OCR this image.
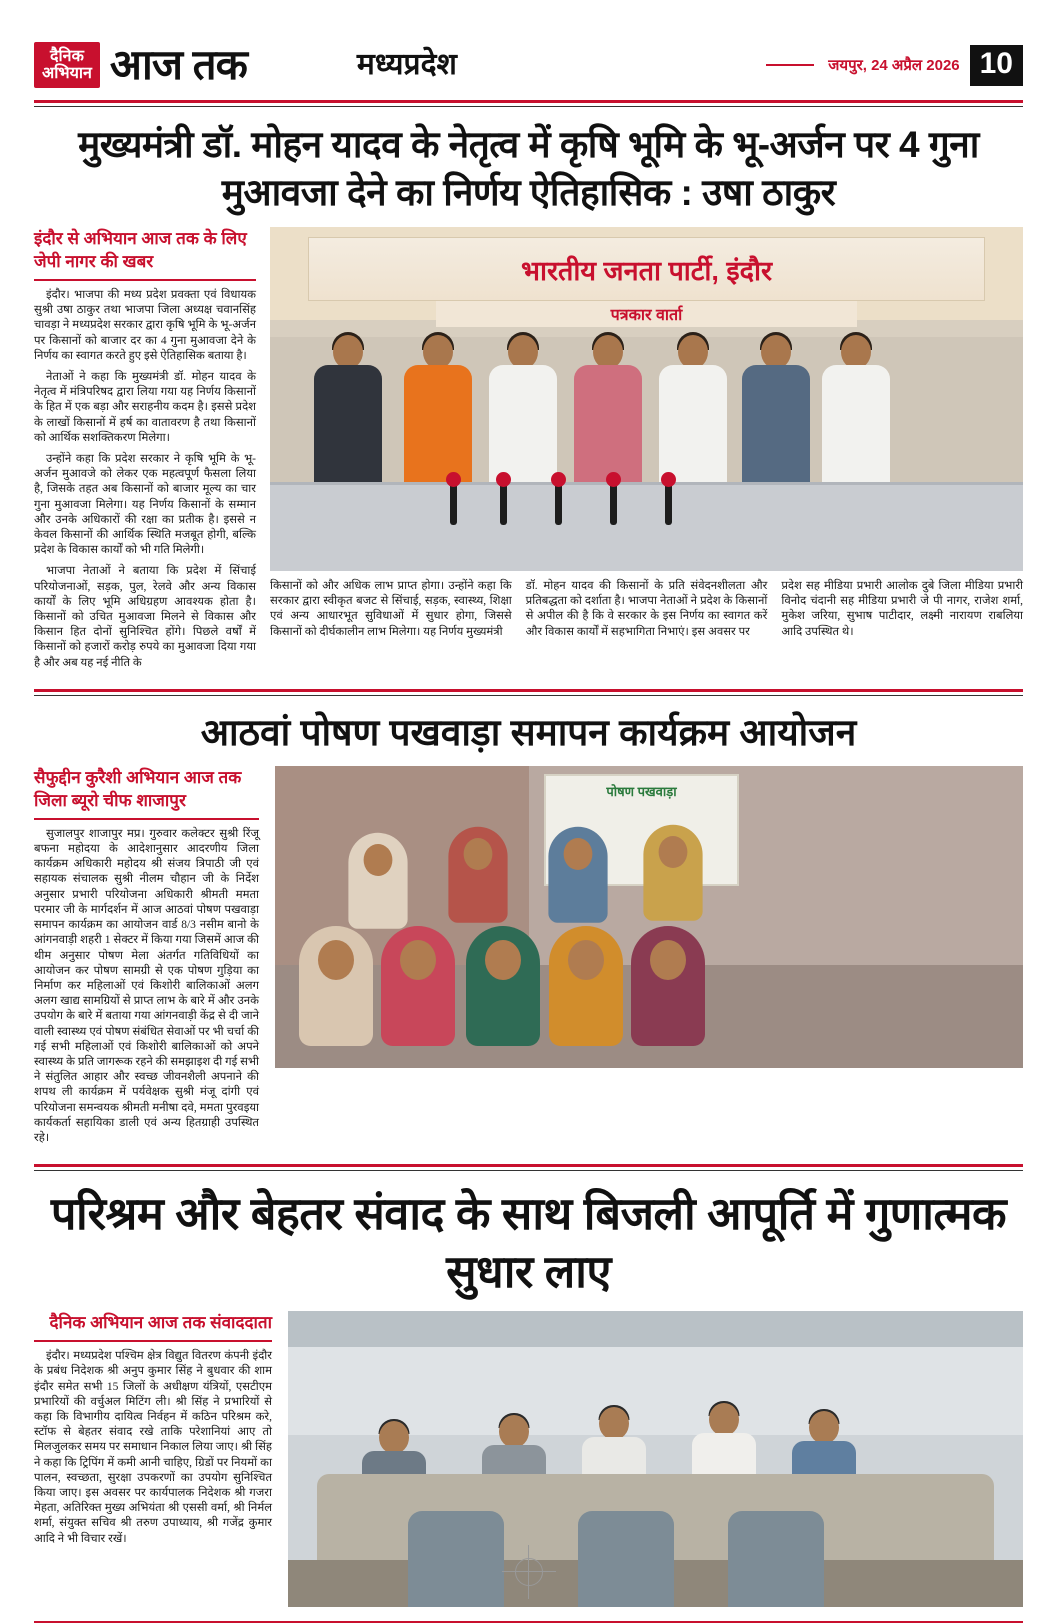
दैनिक
अभियान आज तक	मध्यप्रदेश	जयपुर, 24 अप्रैल 2026 10
मुख्यमंत्री डॉ. मोहन यादव के नेतृत्व में कृषि भूमि के भू-अर्जन पर 4 गुना मुआवजा देने का निर्णय ऐतिहासिक : उषा ठाकुर
इंदौर से अभियान आज तक के लिए जेपी नागर की खबर

इंदौर। भाजपा की मध्य प्रदेश प्रवक्ता एवं विधायक सुश्री उषा ठाकुर तथा भाजपा जिला अध्यक्ष चवानसिंह चावड़ा ने मध्यप्रदेश सरकार द्वारा कृषि भूमि के भू-अर्जन पर किसानों को बाजार दर का 4 गुना मुआवजा देने के निर्णय का स्वागत करते हुए इसे ऐतिहासिक बताया है।

नेताओं ने कहा कि मुख्यमंत्री डॉ. मोहन यादव के नेतृत्व में मंत्रिपरिषद द्वारा लिया गया यह निर्णय किसानों के हित में एक बड़ा और सराहनीय कदम है। इससे प्रदेश के लाखों किसानों में हर्ष का वातावरण है तथा किसानों को आर्थिक सशक्तिकरण मिलेगा।

उन्होंने कहा कि प्रदेश सरकार ने कृषि भूमि के भू-अर्जन मुआवजे को लेकर एक महत्वपूर्ण फैसला लिया है, जिसके तहत अब किसानों को बाजार मूल्य का चार गुना मुआवजा मिलेगा। यह निर्णय किसानों के सम्मान और उनके अधिकारों की रक्षा का प्रतीक है। इससे न केवल किसानों की आर्थिक स्थिति मजबूत होगी, बल्कि प्रदेश के विकास कार्यों को भी गति मिलेगी।

भाजपा नेताओं ने बताया कि प्रदेश में सिंचाई परियोजनाओं, सड़क, पुल, रेलवे और अन्य विकास कार्यों के लिए भूमि अधिग्रहण आवश्यक होता है। किसानों को उचित मुआवजा मिलने से विकास और किसान हित दोनों सुनिश्चित होंगे। पिछले वर्षों में किसानों को हजारों करोड़ रुपये का मुआवजा दिया गया है और अब यह नई नीति के

भारतीय जनता पार्टी, इंदौर
पत्रकार वार्ता
किसानों को और अधिक लाभ प्राप्त होगा। उन्होंने कहा कि सरकार द्वारा स्वीकृत बजट से सिंचाई, सड़क, स्वास्थ्य, शिक्षा एवं अन्य आधारभूत सुविधाओं में सुधार होगा, जिससे किसानों को दीर्घकालीन लाभ मिलेगा। यह निर्णय मुख्यमंत्री
डॉ. मोहन यादव की किसानों के प्रति संवेदनशीलता और प्रतिबद्धता को दर्शाता है। भाजपा नेताओं ने प्रदेश के किसानों से अपील की है कि वे सरकार के इस निर्णय का स्वागत करें और विकास कार्यों में सहभागिता निभाएं। इस अवसर पर
प्रदेश सह मीडिया प्रभारी आलोक दुबे जिला मीडिया प्रभारी विनोद चंदानी सह मीडिया प्रभारी जे पी नागर, राजेश शर्मा, मुकेश जरिया, सुभाष पाटीदार, लक्ष्मी नारायण राबलिया आदि उपस्थित थे।
आठवां पोषण पखवाड़ा समापन कार्यक्रम आयोजन
सैफुद्दीन कुरैशी अभियान आज तक जिला ब्यूरो चीफ शाजापुर

सुजालपुर शाजापुर मप्र। गुरुवार कलेक्टर सुश्री रिंजू बफना महोदया के आदेशानुसार आदरणीय जिला कार्यक्रम अधिकारी महोदय श्री संजय त्रिपाठी जी एवं सहायक संचालक सुश्री नीलम चौहान जी के निर्देश अनुसार प्रभारी परियोजना अधिकारी श्रीमती ममता परमार जी के मार्गदर्शन में आज आठवां पोषण पखवाड़ा समापन कार्यक्रम का आयोजन वार्ड 8/3 नसीम बानो के आंगनवाड़ी शहरी 1 सेक्टर में किया गया जिसमें आज की थीम अनुसार पोषण मेला अंतर्गत गतिविधियों का आयोजन कर पोषण सामग्री से एक पोषण गुड़िया का निर्माण कर महिलाओं एवं किशोरी बालिकाओं अलग अलग खाद्य सामग्रियों से प्राप्त लाभ के बारे में और उनके उपयोग के बारे में बताया गया आंगनवाड़ी केंद्र से दी जाने वाली स्वास्थ्य एवं पोषण संबंधित सेवाओं पर भी चर्चा की गई सभी महिलाओं एवं किशोरी बालिकाओं को अपने स्वास्थ्य के प्रति जागरूक रहने की समझाइश दी गई सभी ने संतुलित आहार और स्वच्छ जीवनशैली अपनाने की शपथ ली कार्यक्रम में पर्यवेक्षक सुश्री मंजू दांगी एवं परियोजना समन्वयक श्रीमती मनीषा दवे, ममता पुरवइया कार्यकर्ता सहायिका डाली एवं अन्य हितग्राही उपस्थित रहे।

पोषण पखवाड़ा
परिश्रम और बेहतर संवाद के साथ बिजली आपूर्ति में गुणात्मक सुधार लाए
दैनिक अभियान आज तक संवाददाता

इंदौर। मध्यप्रदेश पश्चिम क्षेत्र विद्युत वितरण कंपनी इंदौर के प्रबंध निदेशक श्री अनुप कुमार सिंह ने बुधवार की शाम इंदौर समेत सभी 15 जिलों के अधीक्षण यंत्रियों, एसटीएम प्रभारियों की वर्चुअल मिटिंग ली। श्री सिंह ने प्रभारियों से कहा कि विभागीय दायित्व निर्वहन में कठिन परिश्रम करे, स्टॉफ से बेहतर संवाद रखे ताकि परेशानियां आए तो मिलजुलकर समय पर समाधान निकाल लिया जाए। श्री सिंह ने कहा कि ट्रिपिंग में कमी आनी चाहिए, ग्रिडों पर नियमों का पालन, स्वच्छता, सुरक्षा उपकरणों का उपयोग सुनिश्चित किया जाए। इस अवसर पर कार्यपालक निदेशक श्री गजरा मेहता, अतिरिक्त मुख्य अभियंता श्री एससी वर्मा, श्री निर्मल शर्मा, संयुक्त सचिव श्री तरुण उपाध्याय, श्री गजेंद्र कुमार आदि ने भी विचार रखें।
